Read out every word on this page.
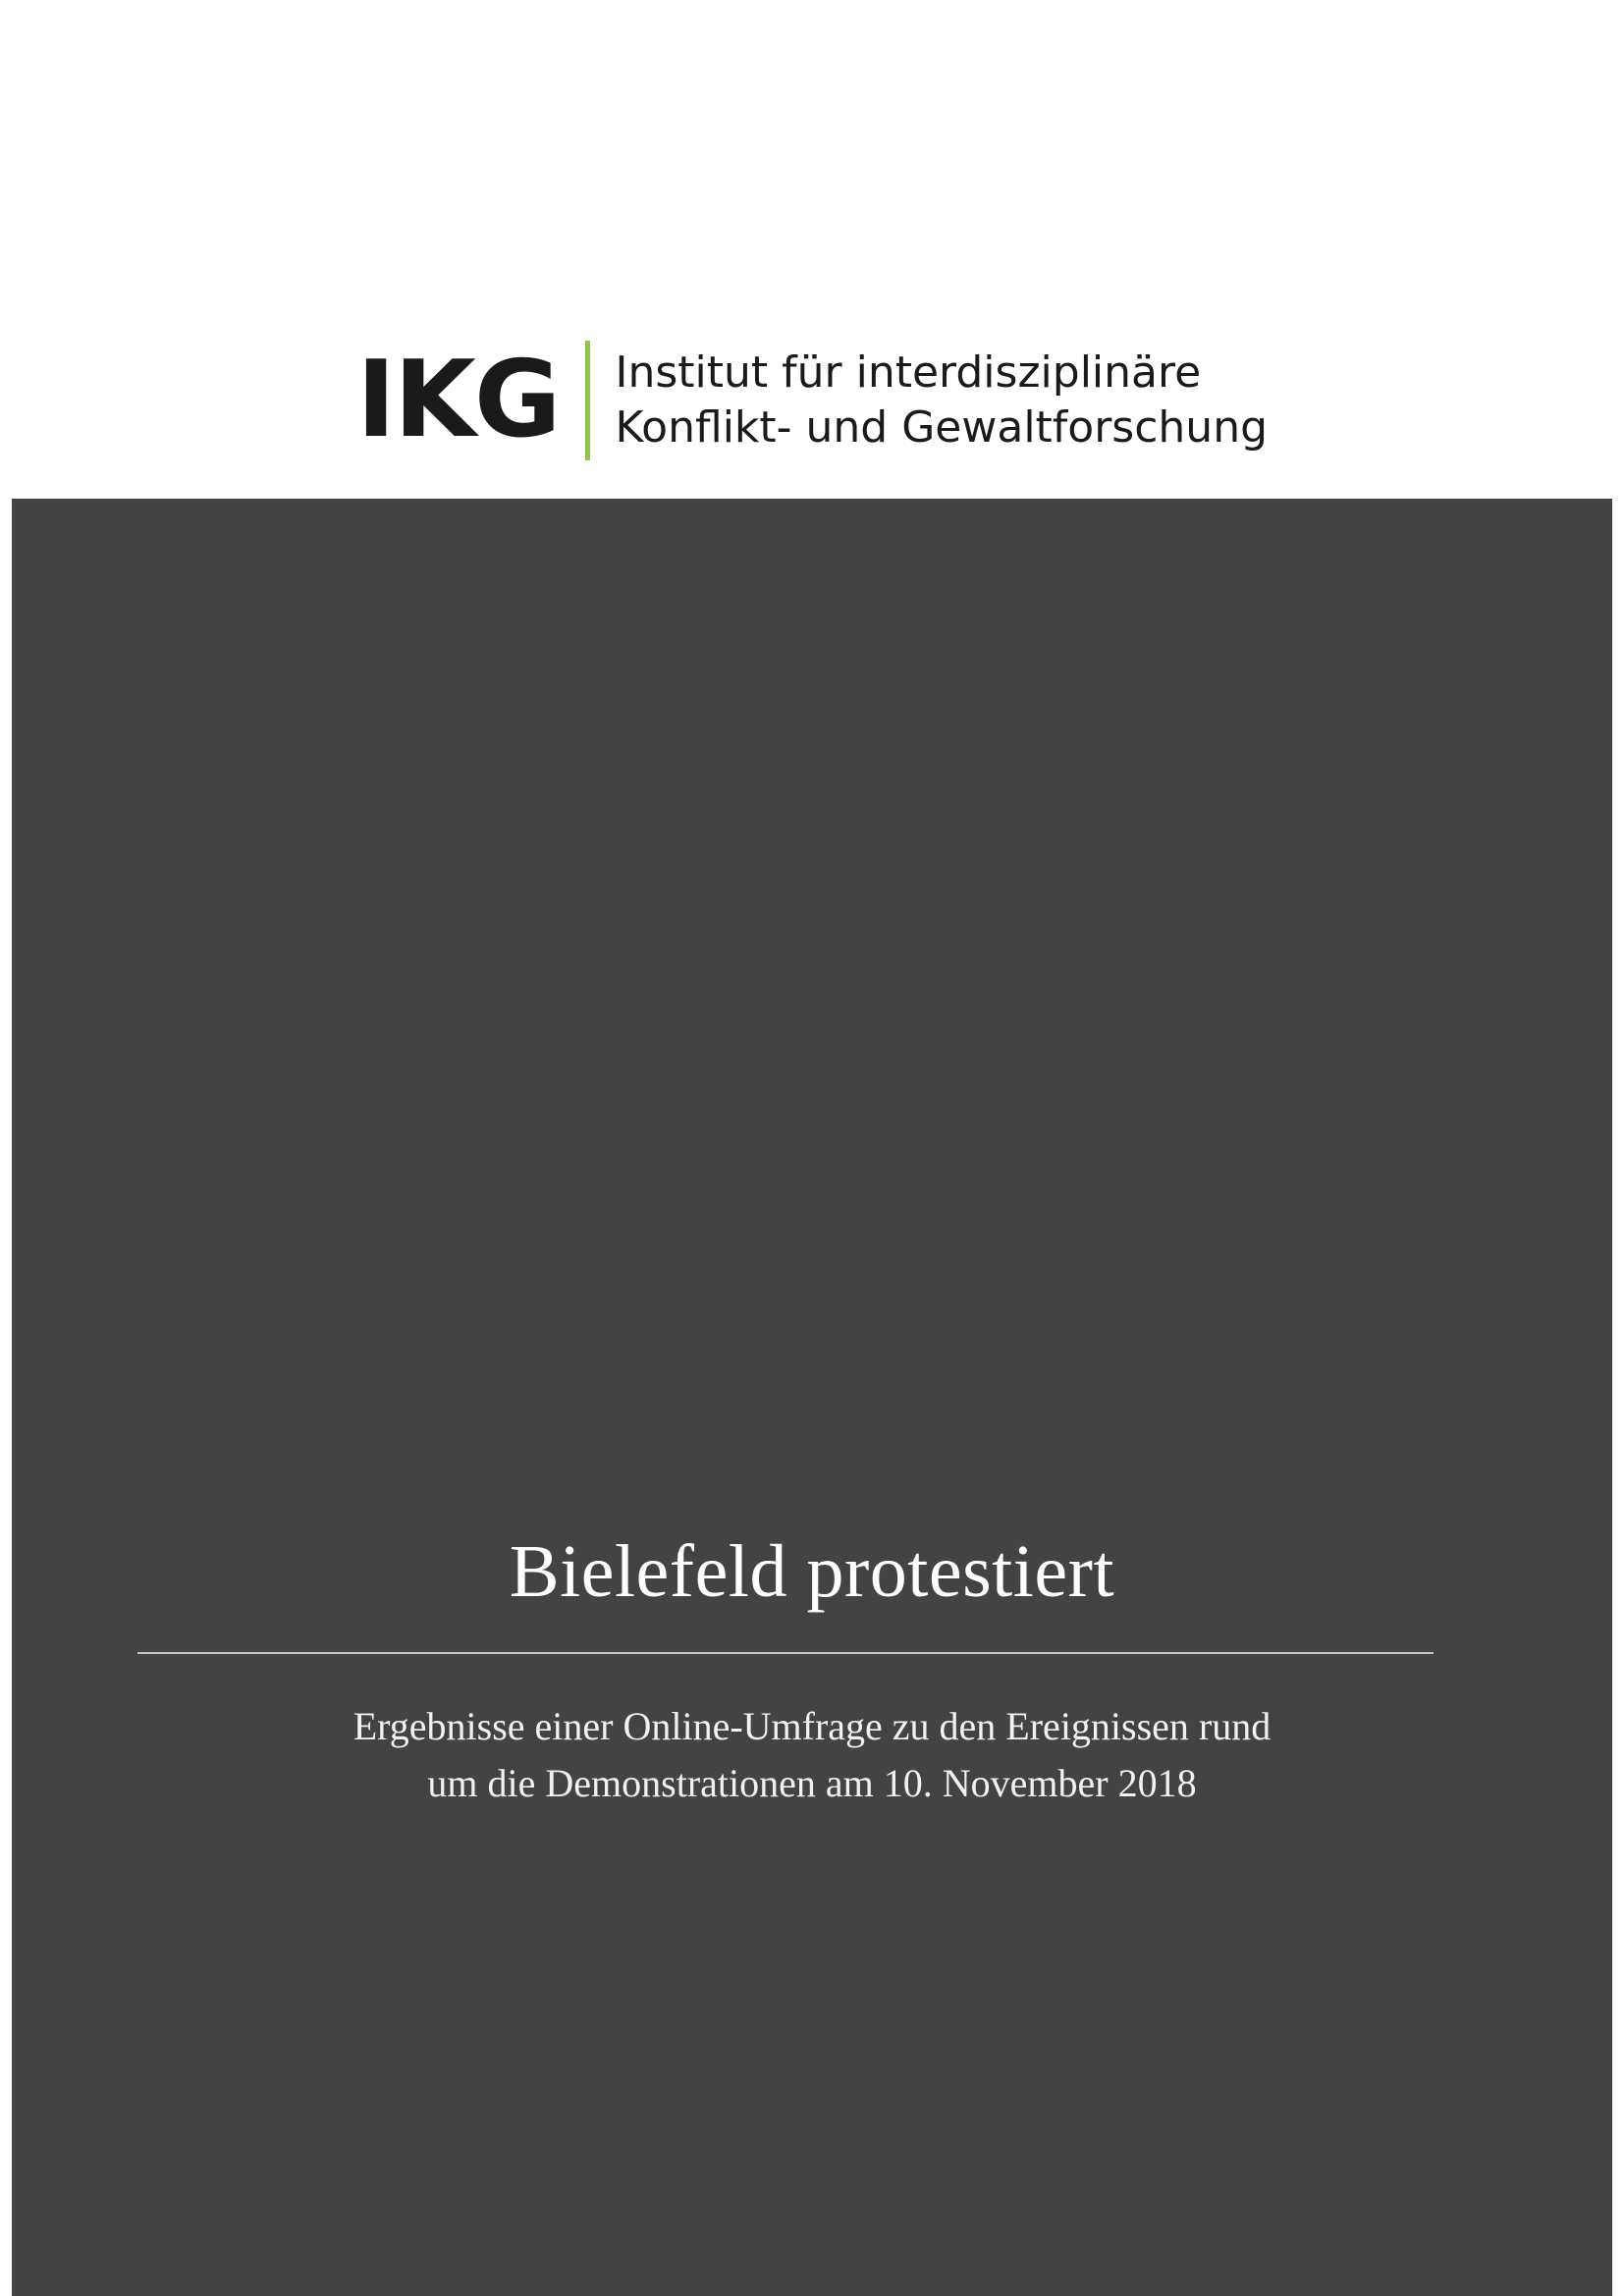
IKG	Institut für interdisziplinäre
Konflikt- und Gewaltforschung
Bielefeld protestiert
Ergebnisse einer Online-Umfrage zu den Ereignissen rund
um die Demonstrationen am 10. November 2018
